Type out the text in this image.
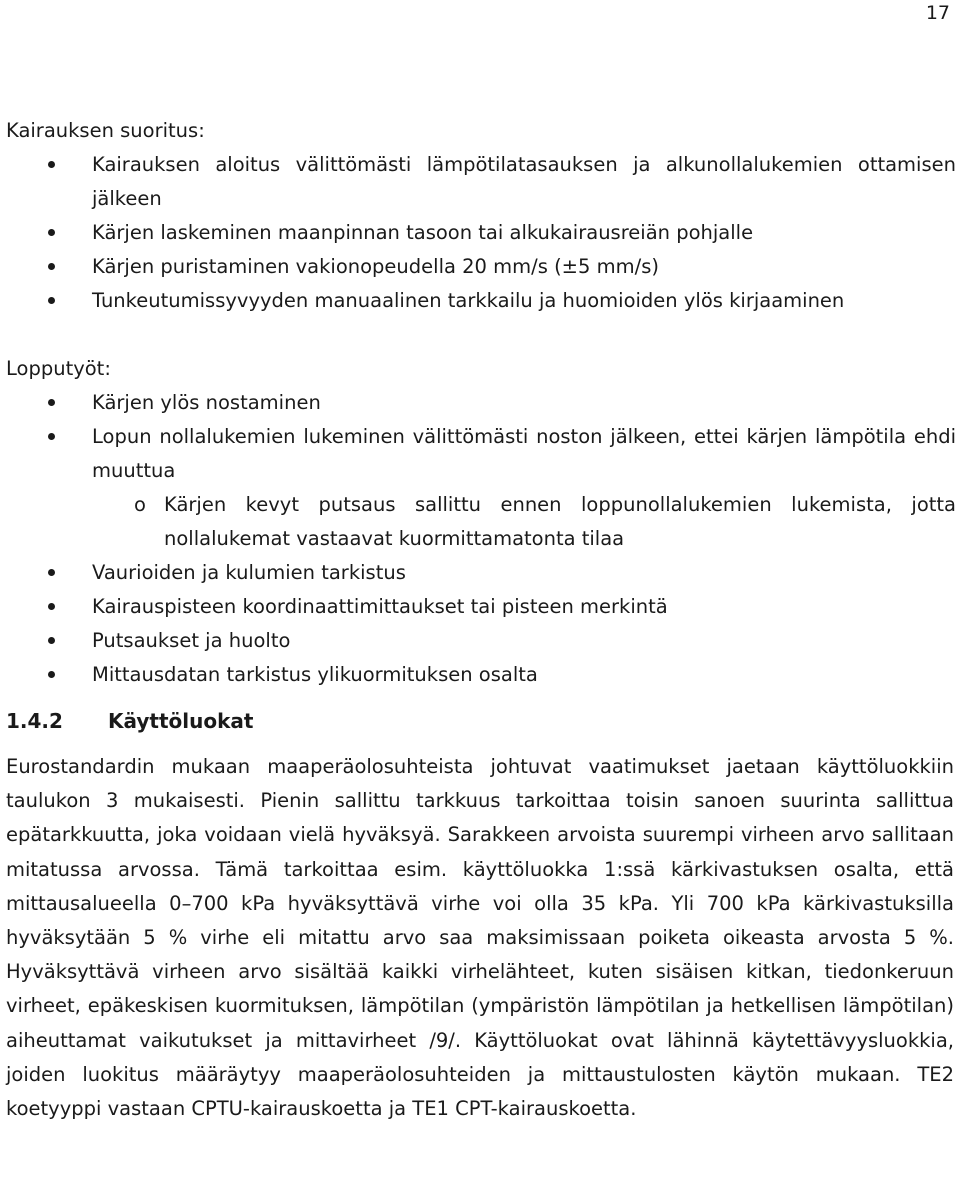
17

Kairauksen suoritus:

Kairauksen aloitus välittömästi lämpötilatasauksen ja alkunollalukemien ottamisen jälkeen
Kärjen laskeminen maanpinnan tasoon tai alkukairausreiän pohjalle
Kärjen puristaminen vakionopeudella 20 mm/s (±5 mm/s)
Tunkeutumissyvyyden manuaalinen tarkkailu ja huomioiden ylös kirjaaminen

Lopputyöt:

Kärjen ylös nostaminen
Lopun nollalukemien lukeminen välittömästi noston jälkeen, ettei kärjen lämpötila ehdi muuttua
o Kärjen kevyt putsaus sallittu ennen loppunollalukemien lukemista, jotta nollalukemat vastaavat kuormittamatonta tilaa
Vaurioiden ja kulumien tarkistus
Kairauspisteen koordinaattimittaukset tai pisteen merkintä
Putsaukset ja huolto
Mittausdatan tarkistus ylikuormituksen osalta
1.4.2	Käyttöluokat

Eurostandardin mukaan maaperäolosuhteista johtuvat vaatimukset jaetaan käyttöluokkiin taulukon 3 mukaisesti. Pienin sallittu tarkkuus tarkoittaa toisin sanoen suurinta sallittua epätarkkuutta, joka voidaan vielä hyväksyä. Sarakkeen arvoista suurempi virheen arvo sallitaan mitatussa arvossa. Tämä tarkoittaa esim. käyttöluokka 1:ssä kärkivastuksen osalta, että mittausalueella 0–700 kPa hyväksyttävä virhe voi olla 35 kPa. Yli 700 kPa kärkivastuksilla hyväksytään 5 % virhe eli mitattu arvo saa maksimissaan poiketa oikeasta arvosta 5 %. Hyväksyttävä virheen arvo sisältää kaikki virhelähteet, kuten sisäisen kitkan, tiedonkeruun virheet, epäkeskisen kuormituksen, lämpötilan (ympäristön lämpötilan ja hetkellisen lämpötilan) aiheuttamat vaikutukset ja mittavirheet /9/. Käyttöluokat ovat lähinnä käytettävyysluokkia, joiden luokitus määräytyy maaperäolosuhteiden ja mittaustulosten käytön mukaan. TE2 koetyyppi vastaan CPTU-kairauskoetta ja TE1 CPT-kairauskoetta.
